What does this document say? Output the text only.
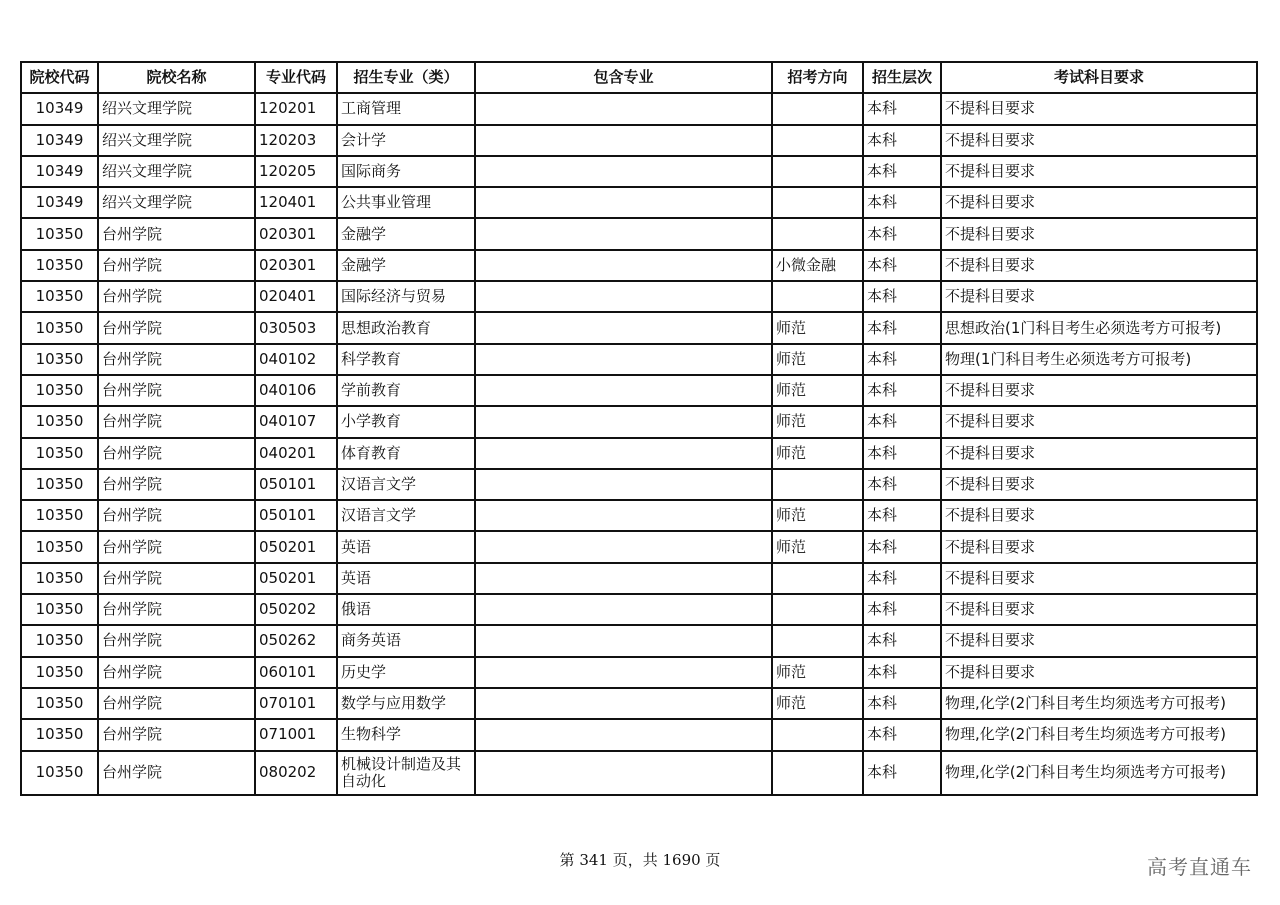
院校代码	院校名称	专业代码	招生专业（类）	包含专业	招考方向	招生层次	考试科目要求
10349	绍兴文理学院	120201	工商管理			本科	不提科目要求
10349	绍兴文理学院	120203	会计学			本科	不提科目要求
10349	绍兴文理学院	120205	国际商务			本科	不提科目要求
10349	绍兴文理学院	120401	公共事业管理			本科	不提科目要求
10350	台州学院	020301	金融学			本科	不提科目要求
10350	台州学院	020301	金融学		小微金融	本科	不提科目要求
10350	台州学院	020401	国际经济与贸易			本科	不提科目要求
10350	台州学院	030503	思想政治教育		师范	本科	思想政治(1门科目考生必须选考方可报考)
10350	台州学院	040102	科学教育		师范	本科	物理(1门科目考生必须选考方可报考)
10350	台州学院	040106	学前教育		师范	本科	不提科目要求
10350	台州学院	040107	小学教育		师范	本科	不提科目要求
10350	台州学院	040201	体育教育		师范	本科	不提科目要求
10350	台州学院	050101	汉语言文学			本科	不提科目要求
10350	台州学院	050101	汉语言文学		师范	本科	不提科目要求
10350	台州学院	050201	英语		师范	本科	不提科目要求
10350	台州学院	050201	英语			本科	不提科目要求
10350	台州学院	050202	俄语			本科	不提科目要求
10350	台州学院	050262	商务英语			本科	不提科目要求
10350	台州学院	060101	历史学		师范	本科	不提科目要求
10350	台州学院	070101	数学与应用数学		师范	本科	物理,化学(2门科目考生均须选考方可报考)
10350	台州学院	071001	生物科学			本科	物理,化学(2门科目考生均须选考方可报考)
10350	台州学院	080202	机械设计制造及其自动化			本科	物理,化学(2门科目考生均须选考方可报考)
第 341 页，共 1690 页	高考直通车
